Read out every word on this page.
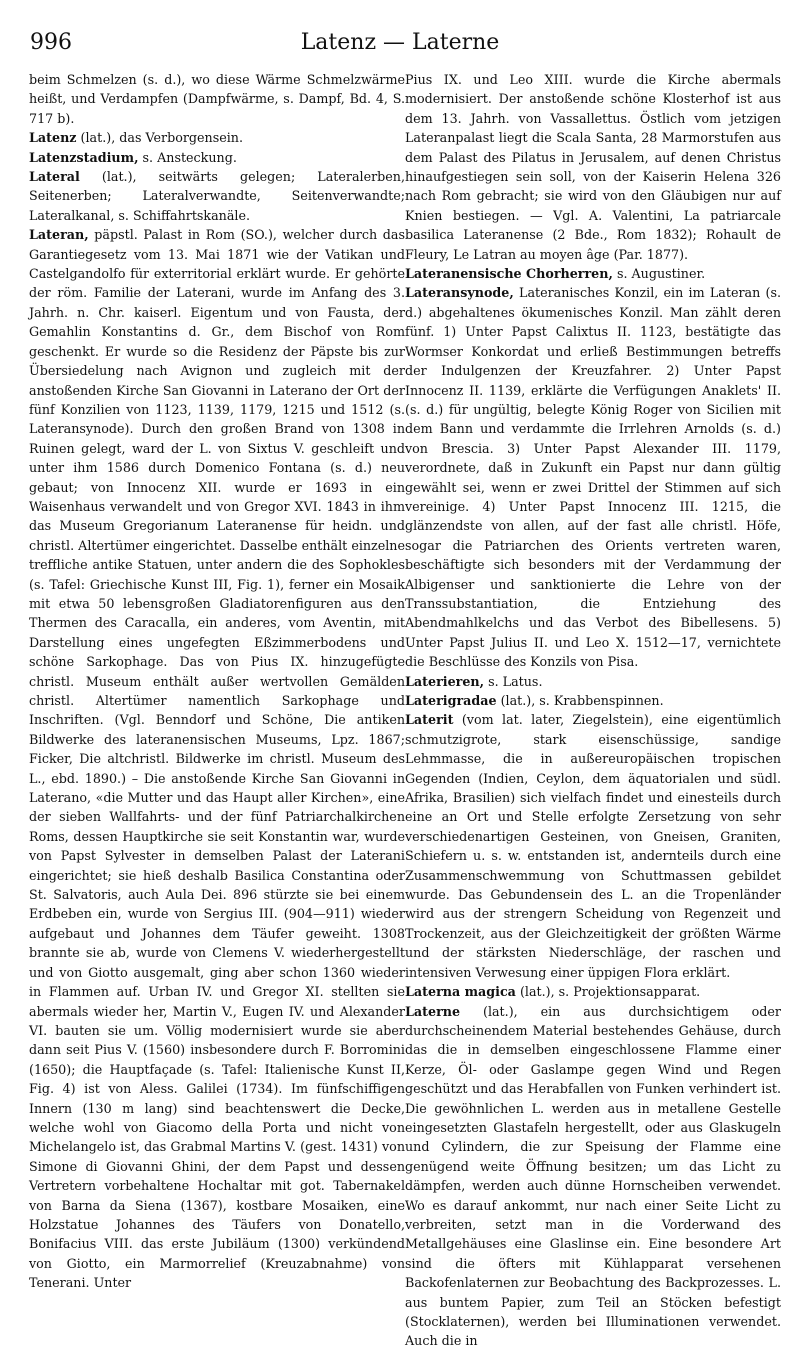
996	Latenz — Laterne

beim Schmelzen (s. d.), wo diese Wärme Schmelzwärme heißt, und Verdampfen (Dampfwärme, s. Dampf, Bd. 4, S. 717 b).

Latenz (lat.), das Verborgensein.

Latenzstadium, s. Ansteckung.

Lateral (lat.), seitwärts gelegen; Lateralerben, Seitenerben; Lateralverwandte, Seitenverwandte; Lateralkanal, s. Schiffahrtskanäle.

Lateran, päpstl. Palast in Rom (SO.), welcher durch das Garantiegesetz vom 13. Mai 1871 wie der Vatikan und Castelgandolfo für exterritorial erklärt wurde. Er gehörte der röm. Familie der Laterani, wurde im Anfang des 3. Jahrh. n. Chr. kaiserl. Eigentum und von Fausta, der Gemahlin Konstantins d. Gr., dem Bischof von Rom geschenkt. Er wurde so die Residenz der Päpste bis zur Übersiedelung nach Avignon und zugleich mit der anstoßenden Kirche San Giovanni in Laterano der Ort der fünf Konzilien von 1123, 1139, 1179, 1215 und 1512 (s. Lateransynode). Durch den großen Brand von 1308 in Ruinen gelegt, ward der L. von Sixtus V. geschleift und unter ihm 1586 durch Domenico Fontana (s. d.) neu gebaut; von Innocenz XII. wurde er 1693 in ein Waisenhaus verwandelt und von Gregor XVI. 1843 in ihm das Museum Gregorianum Lateranense für heidn. und christl. Altertümer eingerichtet. Dasselbe enthält einzelne treffliche antike Statuen, unter andern die des Sophokles (s. Tafel: Griechische Kunst III, Fig. 1), ferner ein Mosaik mit etwa 50 lebensgroßen Gladiatorenfiguren aus den Thermen des Caracalla, ein anderes, vom Aventin, mit Darstellung eines ungefegten Eßzimmerbodens und schöne Sarkophage. Das von Pius IX. hinzugefügte christl. Museum enthält außer wertvollen Gemälden christl. Altertümer namentlich Sarkophage und Inschriften. (Vgl. Benndorf und Schöne, Die antiken Bildwerke des lateranensischen Museums, Lpz. 1867; Ficker, Die altchristl. Bildwerke im christl. Museum des L., ebd. 1890.) – Die anstoßende Kirche San Giovanni in Laterano, «die Mutter und das Haupt aller Kirchen», eine der sieben Wallfahrts- und der fünf Patriarchalkirchen Roms, dessen Hauptkirche sie seit Konstantin war, wurde von Papst Sylvester in demselben Palast der Laterani eingerichtet; sie hieß deshalb Basilica Constantina oder St. Salvatoris, auch Aula Dei. 896 stürzte sie bei einem Erdbeben ein, wurde von Sergius III. (904—911) wieder aufgebaut und Johannes dem Täufer geweiht. 1308 brannte sie ab, wurde von Clemens V. wiederhergestellt und von Giotto ausgemalt, ging aber schon 1360 wieder in Flammen auf. Urban IV. und Gregor XI. stellten sie abermals wieder her, Martin V., Eugen IV. und Alexander VI. bauten sie um. Völlig modernisiert wurde sie aber dann seit Pius V. (1560) insbesondere durch F. Borromini (1650); die Hauptfaçade (s. Tafel: Italienische Kunst II, Fig. 4) ist von Aless. Galilei (1734). Im fünfschiffigen Innern (130 m lang) sind beachtenswert die Decke, welche wohl von Giacomo della Porta und nicht von Michelangelo ist, das Grabmal Martins V. (gest. 1431) von Simone di Giovanni Ghini, der dem Papst und dessen Vertretern vorbehaltene Hochaltar mit got. Tabernakel von Barna da Siena (1367), kostbare Mosaiken, eine Holzstatue Johannes des Täufers von Donatello, Bonifacius VIII. das erste Jubiläum (1300) verkündend von Giotto, ein Marmorrelief (Kreuzabnahme) von Tenerani. Unter

Pius IX. und Leo XIII. wurde die Kirche abermals modernisiert. Der anstoßende schöne Klosterhof ist aus dem 13. Jahrh. von Vassallettus. Östlich vom jetzigen Lateranpalast liegt die Scala Santa, 28 Marmorstufen aus dem Palast des Pilatus in Jerusalem, auf denen Christus hinaufgestiegen sein soll, von der Kaiserin Helena 326 nach Rom gebracht; sie wird von den Gläubigen nur auf Knien bestiegen. — Vgl. A. Valentini, La patriarcale basilica Lateranense (2 Bde., Rom 1832); Rohault de Fleury, Le Latran au moyen âge (Par. 1877).

Lateranensische Chorherren, s. Augustiner.

Lateransynode, Lateranisches Konzil, ein im Lateran (s. d.) abgehaltenes ökumenisches Konzil. Man zählt deren fünf. 1) Unter Papst Calixtus II. 1123, bestätigte das Wormser Konkordat und erließ Bestimmungen betreffs der Indulgenzen der Kreuzfahrer. 2) Unter Papst Innocenz II. 1139, erklärte die Verfügungen Anaklets' II. (s. d.) für ungültig, belegte König Roger von Sicilien mit dem Bann und verdammte die Irrlehren Arnolds (s. d.) von Brescia. 3) Unter Papst Alexander III. 1179, verordnete, daß in Zukunft ein Papst nur dann gültig gewählt sei, wenn er zwei Drittel der Stimmen auf sich vereinige. 4) Unter Papst Innocenz III. 1215, die glänzendste von allen, auf der fast alle christl. Höfe, sogar die Patriarchen des Orients vertreten waren, beschäftigte sich besonders mit der Verdammung der Albigenser und sanktionierte die Lehre von der Transsubstantiation, die Entziehung des Abendmahlkelchs und das Verbot des Bibellesens. 5) Unter Papst Julius II. und Leo X. 1512—17, vernichtete die Beschlüsse des Konzils von Pisa.

Laterieren, s. Latus.

Laterigradae (lat.), s. Krabbenspinnen.

Laterit (vom lat. later, Ziegelstein), eine eigentümlich schmutzigrote, stark eisenschüssige, sandige Lehmmasse, die in außereuropäischen tropischen Gegenden (Indien, Ceylon, dem äquatorialen und südl. Afrika, Brasilien) sich vielfach findet und einesteils durch eine an Ort und Stelle erfolgte Zersetzung von sehr verschiedenartigen Gesteinen, von Gneisen, Graniten, Schiefern u. s. w. entstanden ist, andernteils durch eine Zusammenschwemmung von Schuttmassen gebildet wurde. Das Gebundensein des L. an die Tropenländer wird aus der strengern Scheidung von Regenzeit und Trockenzeit, aus der Gleichzeitigkeit der größten Wärme und der stärksten Niederschläge, der raschen und intensiven Verwesung einer üppigen Flora erklärt.

Laterna magica (lat.), s. Projektionsapparat.

Laterne (lat.), ein aus durchsichtigem oder durchscheinendem Material bestehendes Gehäuse, durch das die in demselben eingeschlossene Flamme einer Kerze, Öl- oder Gaslampe gegen Wind und Regen geschützt und das Herabfallen von Funken verhindert ist. Die gewöhnlichen L. werden aus in metallene Gestelle eingesetzten Glastafeln hergestellt, oder aus Glaskugeln und Cylindern, die zur Speisung der Flamme eine genügend weite Öffnung besitzen; um das Licht zu dämpfen, werden auch dünne Hornscheiben verwendet. Wo es darauf ankommt, nur nach einer Seite Licht zu verbreiten, setzt man in die Vorderwand des Metallgehäuses eine Glaslinse ein. Eine besondere Art sind die öfters mit Kühlapparat versehenen Backofenlaternen zur Beobachtung des Backprozesses. L. aus buntem Papier, zum Teil an Stöcken befestigt (Stocklaternen), werden bei Illuminationen verwendet. Auch die in
